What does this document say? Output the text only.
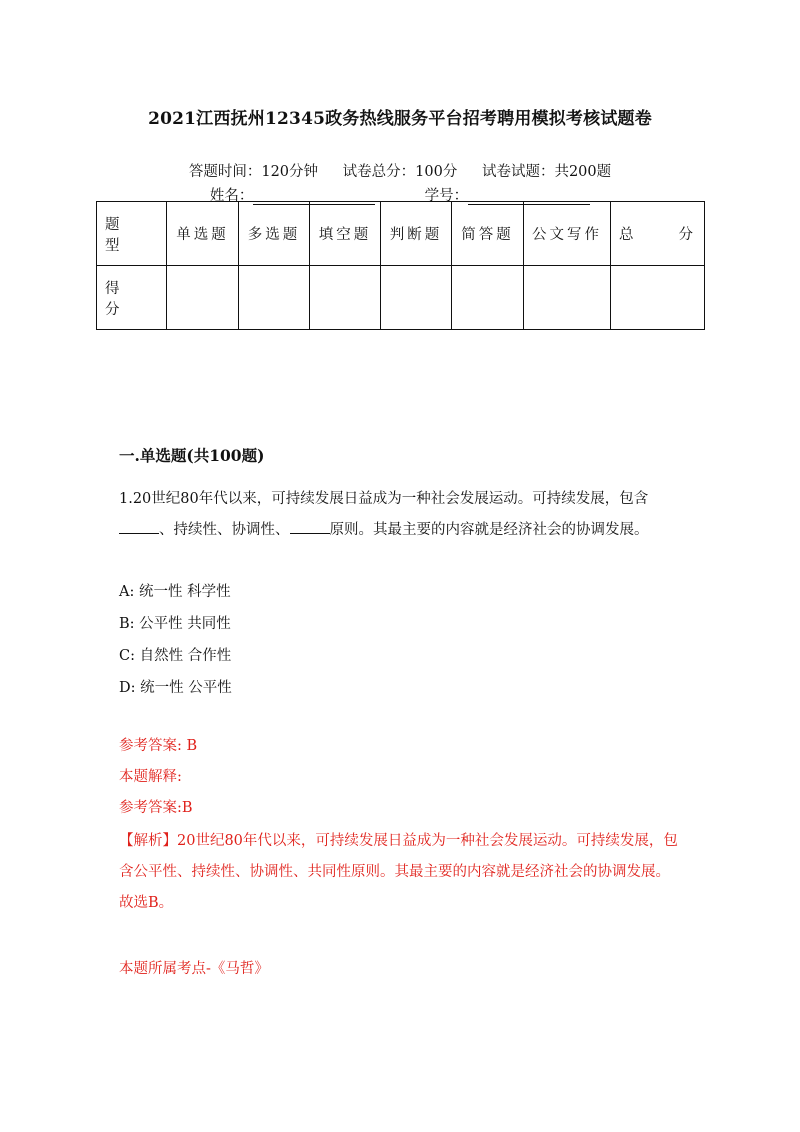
2021江西抚州12345政务热线服务平台招考聘用模拟考核试题卷
答题时间：120分钟 试卷总分：100分 试卷试题：共200题
姓名：	学号：
题　型	单选题	多选题	填空题	判断题	简答题	公文写作	总　　分
得　分							
一.单选题(共100题)
1.20世纪80年代以来，可持续发展日益成为一种社会发展运动。可持续发展，包含、持续性、协调性、	原则。其最主要的内容就是经济社会的协调发展。
A: 统一性 科学性
B: 公平性 共同性
C: 自然性 合作性
D: 统一性 公平性
参考答案: B
本题解释:
参考答案:B
【解析】20世纪80年代以来，可持续发展日益成为一种社会发展运动。可持续发展，包含公平性、持续性、协调性、共同性原则。其最主要的内容就是经济社会的协调发展。故选B。
本题所属考点-《马哲》
